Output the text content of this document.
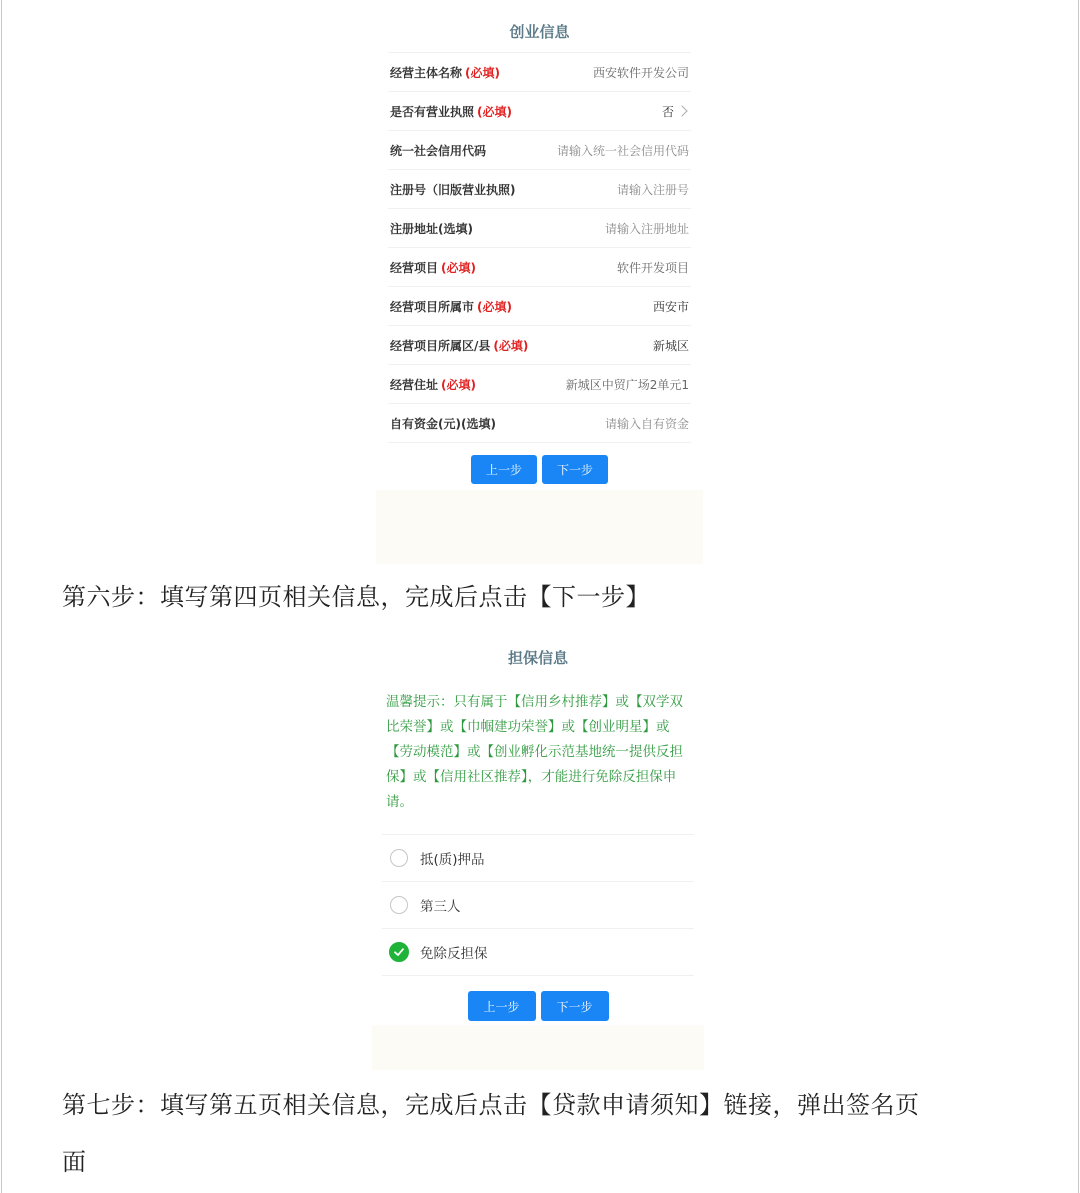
创业信息
经营主体名称 (必填)	西安软件开发公司
是否有营业执照 (必填)	否
统一社会信用代码	请输入统一社会信用代码
注册号（旧版营业执照)	请输入注册号
注册地址(选填)	请输入注册地址
经营项目 (必填)	软件开发项目
经营项目所属市 (必填)	西安市
经营项目所属区/县 (必填)	新城区
经营住址 (必填)	新城区中贸广场2单元1
自有资金(元)(选填)	请输入自有资金
上一步	下一步
第六步：填写第四页相关信息，完成后点击【下一步】
担保信息
温馨提示：只有属于【信用乡村推荐】或【双学双比荣誉】或【巾帼建功荣誉】或【创业明星】或【劳动模范】或【创业孵化示范基地统一提供反担保】或【信用社区推荐】，才能进行免除反担保申请。
抵(质)押品
第三人
免除反担保
上一步	下一步
第七步：填写第五页相关信息，完成后点击【贷款申请须知】链接，弹出签名页
面
